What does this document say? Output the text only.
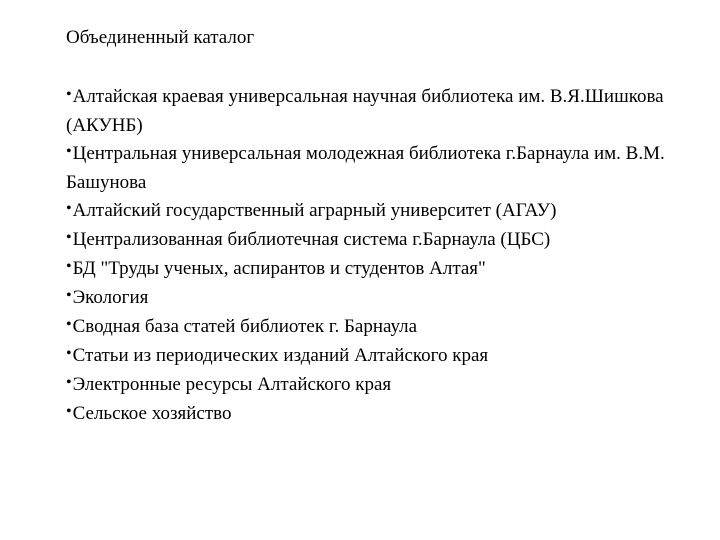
Объединенный каталог
•Алтайская краевая универсальная научная библиотека им. В.Я.Шишкова (АКУНБ)
•Центральная универсальная молодежная библиотека г.Барнаула им. В.М. Башунова
•Алтайский государственный аграрный университет (АГАУ)
•Централизованная библиотечная система г.Барнаула (ЦБС)
•БД "Труды ученых, аспирантов и студентов Алтая"
•Экология
•Сводная база статей библиотек г. Барнаула
•Статьи из периодических изданий Алтайского края
•Электронные ресурсы Алтайского края
•Сельское хозяйство
